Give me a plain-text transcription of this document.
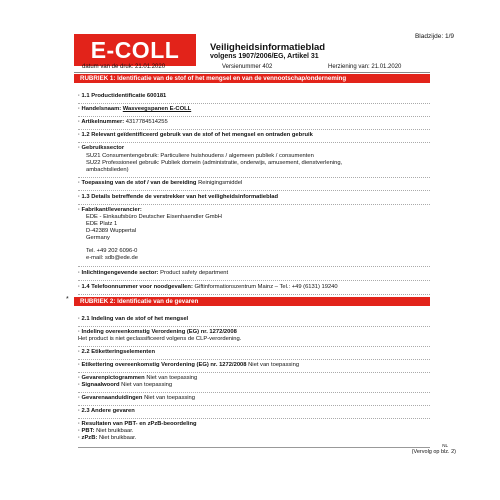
E-COLL	Bladzijde: 1/9
Veiligheidsinformatieblad
volgens 1907/2006/EG, Artikel 31
datum van de druk: 21.01.2020	Versienummer 402	Herziening van: 21.01.2020
RUBRIEK 1: Identificatie van de stof of het mengsel en van de vennootschap/onderneming
· 1.1 Productidentificatie 600181
· Handelsnaam: Wasveegspanen E-COLL
· Artikelnummer: 4317784514255
· 1.2 Relevant geïdentificeerd gebruik van de stof of het mengsel en ontraden gebruik
· Gebruikssector
SU21 Consumentengebruik: Particuliere huishoudens / algemeen publiek / consumenten
SU22 Professioneel gebruik: Publiek domein (administratie, onderwijs, amusement, dienstverlening,
ambachtslieden)
· Toepassing van de stof / van de bereiding Reinigingsmiddel
· 1.3 Details betreffende de verstrekker van het veiligheidsinformatieblad
· Fabrikant/leverancier:
EDE - Einkaufsbüro Deutscher Eisenhaendler GmbH
EDE Platz 1
D-42389 Wuppertal
Germany
Tel. +49 202 6096-0
e-mail: sdb@ede.de
· Inlichtingengevende sector: Product safety department
· 1.4 Telefoonnummer voor noodgevallen: Giftinformationszentrum Mainz – Tel.: +49 (6131) 19240
*	RUBRIEK 2: Identificatie van de gevaren
· 2.1 Indeling van de stof of het mengsel
· Indeling overeenkomstig Verordening (EG) nr. 1272/2008
Het product is niet geclassificeerd volgens de CLP-verordening.
· 2.2 Etiketteringselementen
· Etikettering overeenkomstig Verordening (EG) nr. 1272/2008 Niet van toepassing
· Gevarenpictogrammen Niet van toepassing
· Signaalwoord Niet van toepassing
· Gevarenaanduidingen Niet van toepassing
· 2.3 Andere gevaren
· Resultaten van PBT- en zPzB-beoordeling
· PBT: Niet bruikbaar.
· zPzB: Niet bruikbaar.
NL
(Vervolg op blz. 2)
